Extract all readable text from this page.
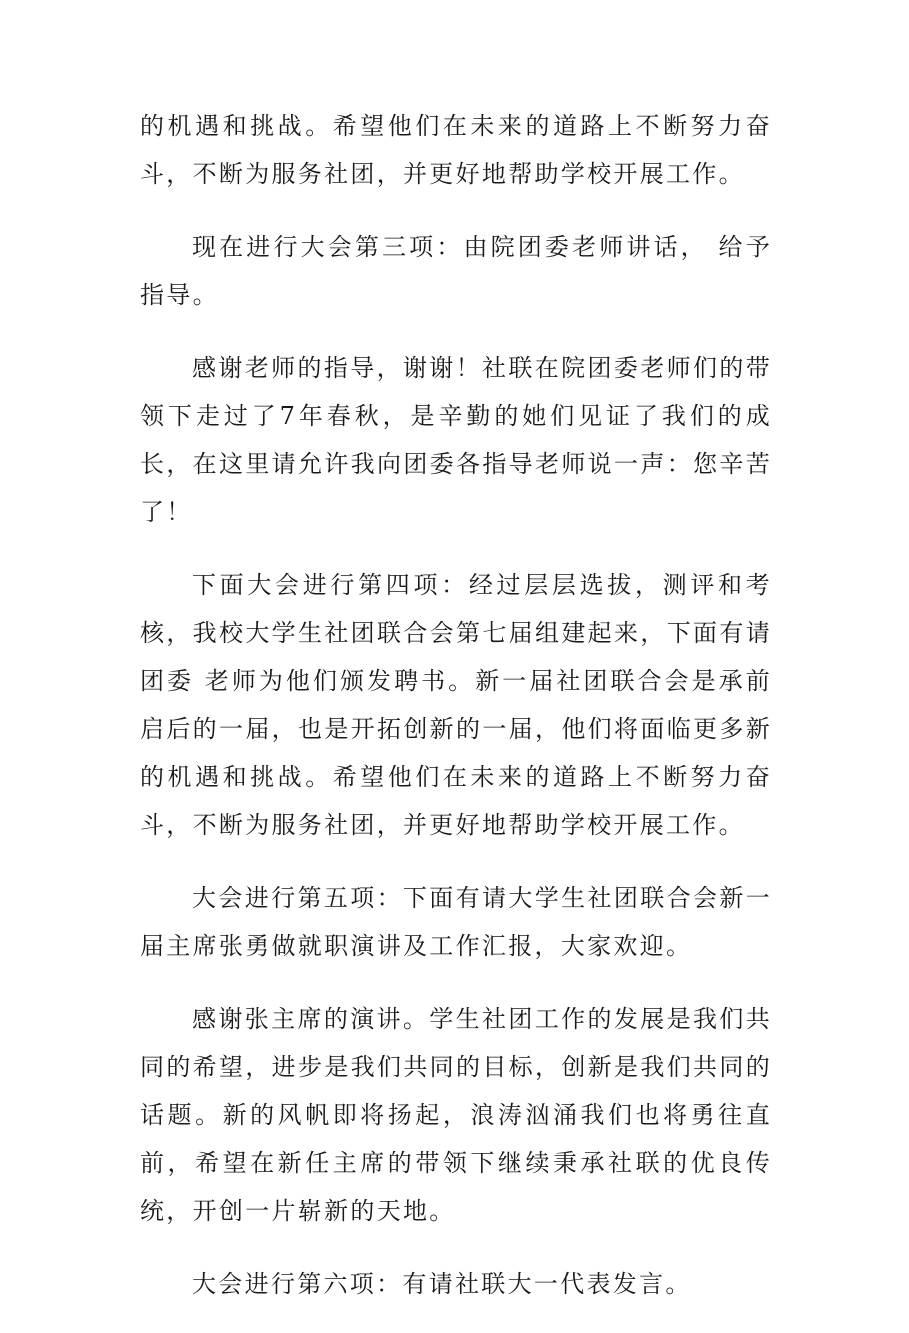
的机遇和挑战。希望他们在未来的道路上不断努力奋斗，不断为服务社团，并更好地帮助学校开展工作。

现在进行大会第三项：由院团委老师讲话， 给予指导。

感谢老师的指导，谢谢！社联在院团委老师们的带领下走过了7年春秋，是辛勤的她们见证了我们的成长，在这里请允许我向团委各指导老师说一声：您辛苦了！

下面大会进行第四项：经过层层选拔，测评和考核，我校大学生社团联合会第七届组建起来，下面有请团委 老师为他们颁发聘书。新一届社团联合会是承前启后的一届，也是开拓创新的一届，他们将面临更多新的机遇和挑战。希望他们在未来的道路上不断努力奋斗，不断为服务社团，并更好地帮助学校开展工作。

大会进行第五项：下面有请大学生社团联合会新一届主席张勇做就职演讲及工作汇报，大家欢迎。

感谢张主席的演讲。学生社团工作的发展是我们共同的希望，进步是我们共同的目标，创新是我们共同的话题。新的风帆即将扬起，浪涛汹涌我们也将勇往直前，希望在新任主席的带领下继续秉承社联的优良传统，开创一片崭新的天地。

大会进行第六项：有请社联大一代表发言。
